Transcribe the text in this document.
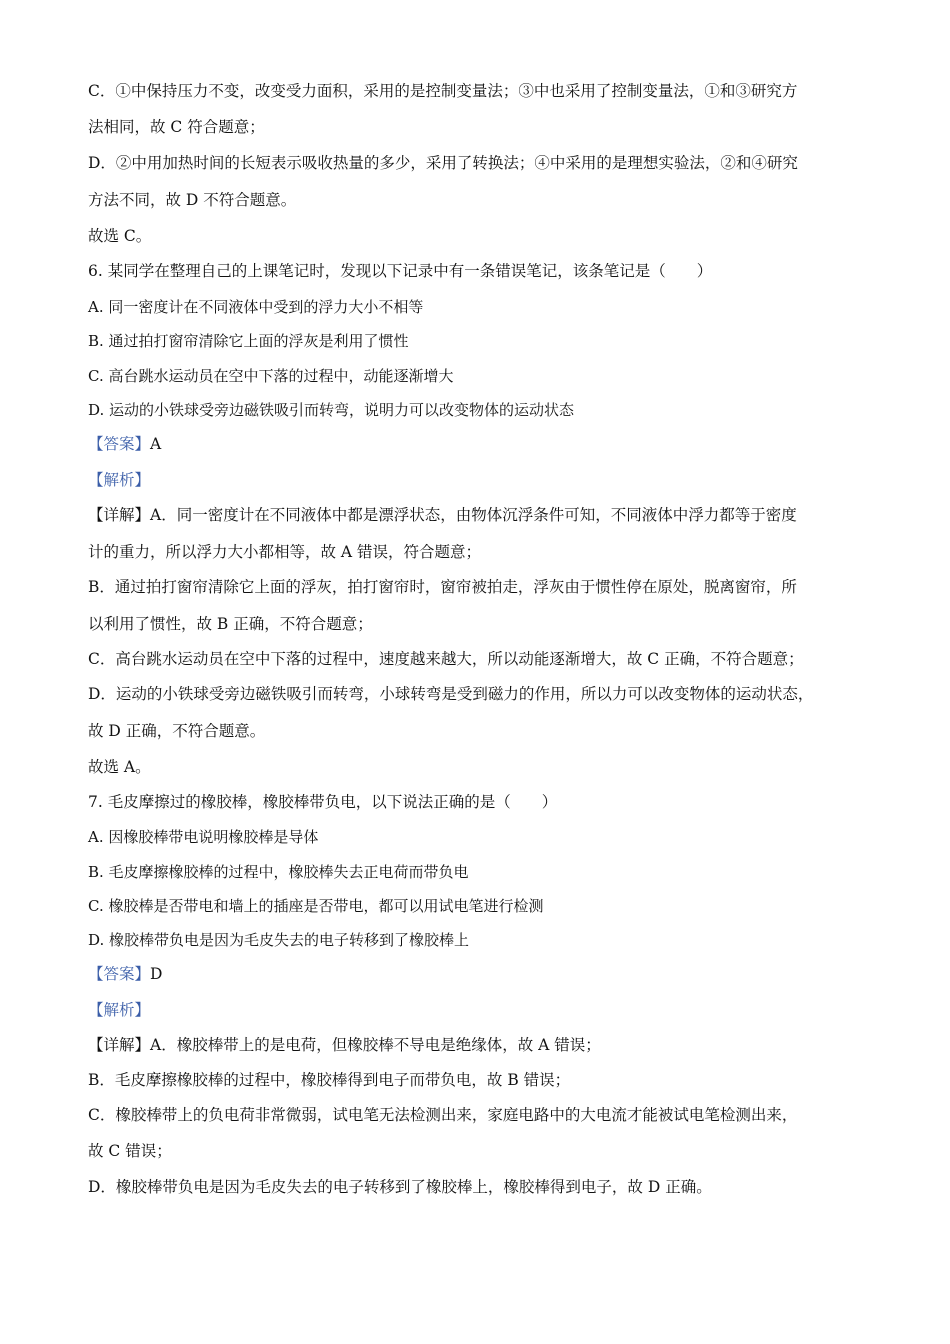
C．①中保持压力不变，改变受力面积，采用的是控制变量法；③中也采用了控制变量法，①和③研究方
法相同，故 C 符合题意；
D．②中用加热时间的长短表示吸收热量的多少，采用了转换法；④中采用的是理想实验法，②和④研究
方法不同，故 D 不符合题意。
故选 C。
6. 某同学在整理自己的上课笔记时，发现以下记录中有一条错误笔记，该条笔记是（　　）
A. 同一密度计在不同液体中受到的浮力大小不相等
B. 通过拍打窗帘清除它上面的浮灰是利用了惯性
C. 高台跳水运动员在空中下落的过程中，动能逐渐增大
D. 运动的小铁球受旁边磁铁吸引而转弯，说明力可以改变物体的运动状态
【答案】A
【解析】
【详解】A．同一密度计在不同液体中都是漂浮状态，由物体沉浮条件可知，不同液体中浮力都等于密度
计的重力，所以浮力大小都相等，故 A 错误，符合题意；
B．通过拍打窗帘清除它上面的浮灰，拍打窗帘时，窗帘被拍走，浮灰由于惯性停在原处，脱离窗帘，所
以利用了惯性，故 B 正确，不符合题意；
C．高台跳水运动员在空中下落的过程中，速度越来越大，所以动能逐渐增大，故 C 正确，不符合题意；
D．运动的小铁球受旁边磁铁吸引而转弯，小球转弯是受到磁力的作用，所以力可以改变物体的运动状态，
故 D 正确，不符合题意。
故选 A。
7. 毛皮摩擦过的橡胶棒，橡胶棒带负电，以下说法正确的是（　　）
A. 因橡胶棒带电说明橡胶棒是导体
B. 毛皮摩擦橡胶棒的过程中，橡胶棒失去正电荷而带负电
C. 橡胶棒是否带电和墙上的插座是否带电，都可以用试电笔进行检测
D. 橡胶棒带负电是因为毛皮失去的电子转移到了橡胶棒上
【答案】D
【解析】
【详解】A．橡胶棒带上的是电荷，但橡胶棒不导电是绝缘体，故 A 错误；
B．毛皮摩擦橡胶棒的过程中，橡胶棒得到电子而带负电，故 B 错误；
C．橡胶棒带上的负电荷非常微弱，试电笔无法检测出来，家庭电路中的大电流才能被试电笔检测出来，
故 C 错误；
D．橡胶棒带负电是因为毛皮失去的电子转移到了橡胶棒上，橡胶棒得到电子，故 D 正确。
